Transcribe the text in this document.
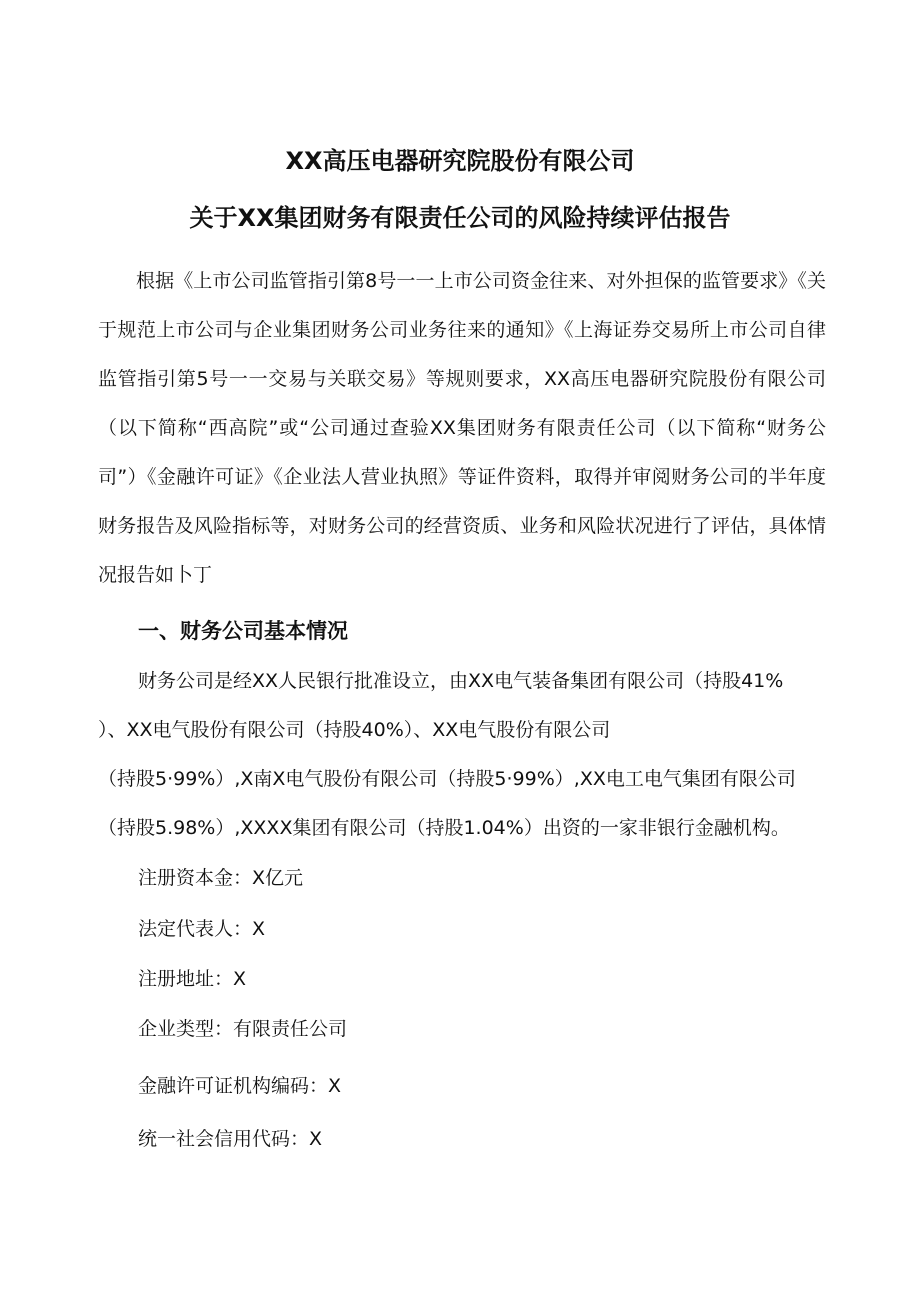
XX高压电器研究院股份有限公司
关于XX集团财务有限责任公司的风险持续评估报告

根据《上市公司监管指引第8号一一上市公司资金往来、对外担保的监管要求》《关于规范上市公司与企业集团财务公司业务往来的通知》《上海证券交易所上市公司自律监管指引第5号一一交易与关联交易》等规则要求，XX高压电器研究院股份有限公司（以下简称“西高院”或“公司通过查验XX集团财务有限责任公司（以下简称“财务公司”）《金融许可证》《企业法人营业执照》等证件资料，取得并审阅财务公司的半年度财务报告及风险指标等，对财务公司的经营资质、业务和风险状况进行了评估，具体情况报告如卜丁

一、财务公司基本情况

财务公司是经XX人民银行批准设立，由XX电气装备集团有限公司（持股41%
）、XX电气股份有限公司（持股40%）、XX电气股份有限公司
（持股5·99%）,X南X电气股份有限公司（持股5·99%）,XX电工电气集团有限公司
（持股5.98%）,XXXX集团有限公司（持股1.04%）出资的一家非银行金融机构。

注册资本金：X亿元

法定代表人：X

注册地址：X

企业类型：有限责任公司

金融许可证机构编码：X

统一社会信用代码：X
